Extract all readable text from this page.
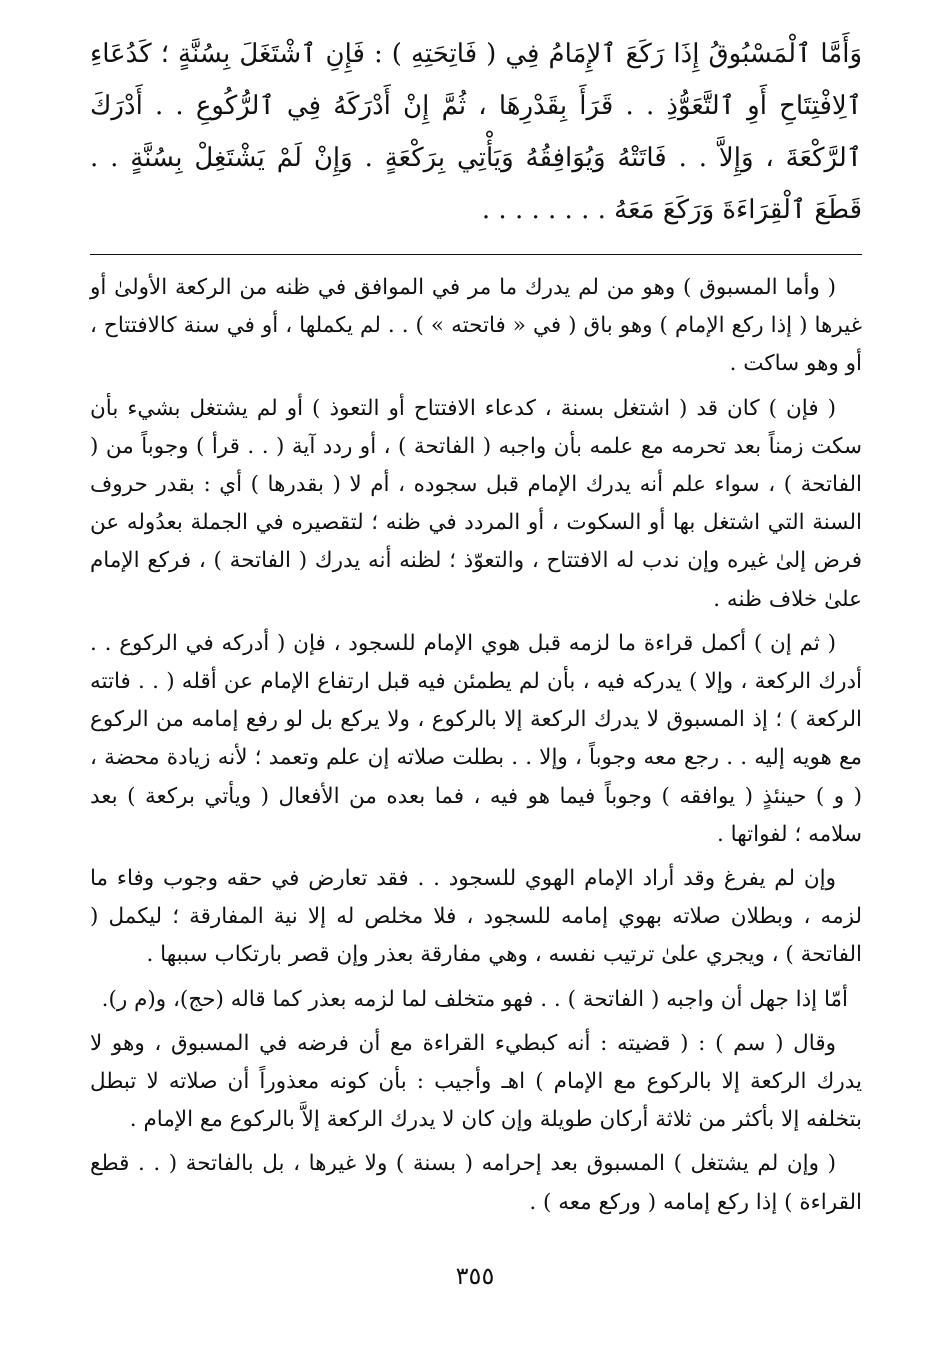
وَأَمَّا ٱلْمَسْبُوقُ إِذَا رَكَعَ ٱلإِمَامُ فِي ( فَاتِحَتِهِ ) : فَإِنِ ٱشْتَغَلَ بِسُنَّةٍ ؛ كَدُعَاءِ ٱلِافْتِتَاحِ أَوِ ٱلتَّعَوُّذِ . . قَرَأَ بِقَدْرِهَا ، ثُمَّ إِنْ أَدْرَكَهُ فِي ٱلرُّكُوعِ . . أَدْرَكَ ٱلرَّكْعَةَ ، وَإِلاَّ . . فَاتَتْهُ وَيُوَافِقُهُ وَيَأْتِي بِرَكْعَةٍ . وَإِنْ لَمْ يَشْتَغِلْ بِسُنَّةٍ . . قَطَعَ ٱلْقِرَاءَةَ وَرَكَعَ مَعَهُ . . . . . . . .

( وأما المسبوق ) وهو من لم يدرك ما مر في الموافق في ظنه من الركعة الأولىٰ أو غيرها ( إذا ركع الإمام ) وهو باق ( في « فاتحته » ) . . لم يكملها ، أو في سنة كالافتتاح ، أو وهو ساكت .

( فإن ) كان قد ( اشتغل بسنة ، كدعاء الافتتاح أو التعوذ ) أو لم يشتغل بشيء بأن سكت زمناً بعد تحرمه مع علمه بأن واجبه ( الفاتحة ) ، أو ردد آية ( . . قرأ ) وجوباً من ( الفاتحة ) ، سواء علم أنه يدرك الإمام قبل سجوده ، أم لا ( بقدرها ) أي : بقدر حروف السنة التي اشتغل بها أو السكوت ، أو المردد في ظنه ؛ لتقصيره في الجملة بعدُوله عن فرض إلىٰ غيره وإن ندب له الافتتاح ، والتعوّذ ؛ لظنه أنه يدرك ( الفاتحة ) ، فركع الإمام علىٰ خلاف ظنه .

( ثم إن ) أكمل قراءة ما لزمه قبل هوي الإمام للسجود ، فإن ( أدركه في الركوع . . أدرك الركعة ، وإلا ) يدركه فيه ، بأن لم يطمئن فيه قبل ارتفاع الإمام عن أقله ( . . فاتته الركعة ) ؛ إذ المسبوق لا يدرك الركعة إلا بالركوع ، ولا يركع بل لو رفع إمامه من الركوع مع هويه إليه . . رجع معه وجوباً ، وإلا . . بطلت صلاته إن علم وتعمد ؛ لأنه زيادة محضة ، ( و ) حينئذٍ ( يوافقه ) وجوباً فيما هو فيه ، فما بعده من الأفعال ( ويأتي بركعة ) بعد سلامه ؛ لفواتها .

وإن لم يفرغ وقد أراد الإمام الهوي للسجود . . فقد تعارض في حقه وجوب وفاء ما لزمه ، وبطلان صلاته بهوي إمامه للسجود ، فلا مخلص له إلا نية المفارقة ؛ ليكمل ( الفاتحة ) ، ويجري علىٰ ترتيب نفسه ، وهي مفارقة بعذر وإن قصر بارتكاب سببها .

أمّا إذا جهل أن واجبه ( الفاتحة ) . . فهو متخلف لما لزمه بعذر كما قاله (حج)، و(م ر).

وقال ( سم ) : ( قضيته : أنه كبطيء القراءة مع أن فرضه في المسبوق ، وهو لا يدرك الركعة إلا بالركوع مع الإمام ) اهـ وأجيب : بأن كونه معذوراً أن صلاته لا تبطل بتخلفه إلا بأكثر من ثلاثة أركان طويلة وإن كان لا يدرك الركعة إلاَّ بالركوع مع الإمام .

( وإن لم يشتغل ) المسبوق بعد إحرامه ( بسنة ) ولا غيرها ، بل بالفاتحة ( . . قطع القراءة ) إذا ركع إمامه ( وركع معه ) .

٣٥٥
